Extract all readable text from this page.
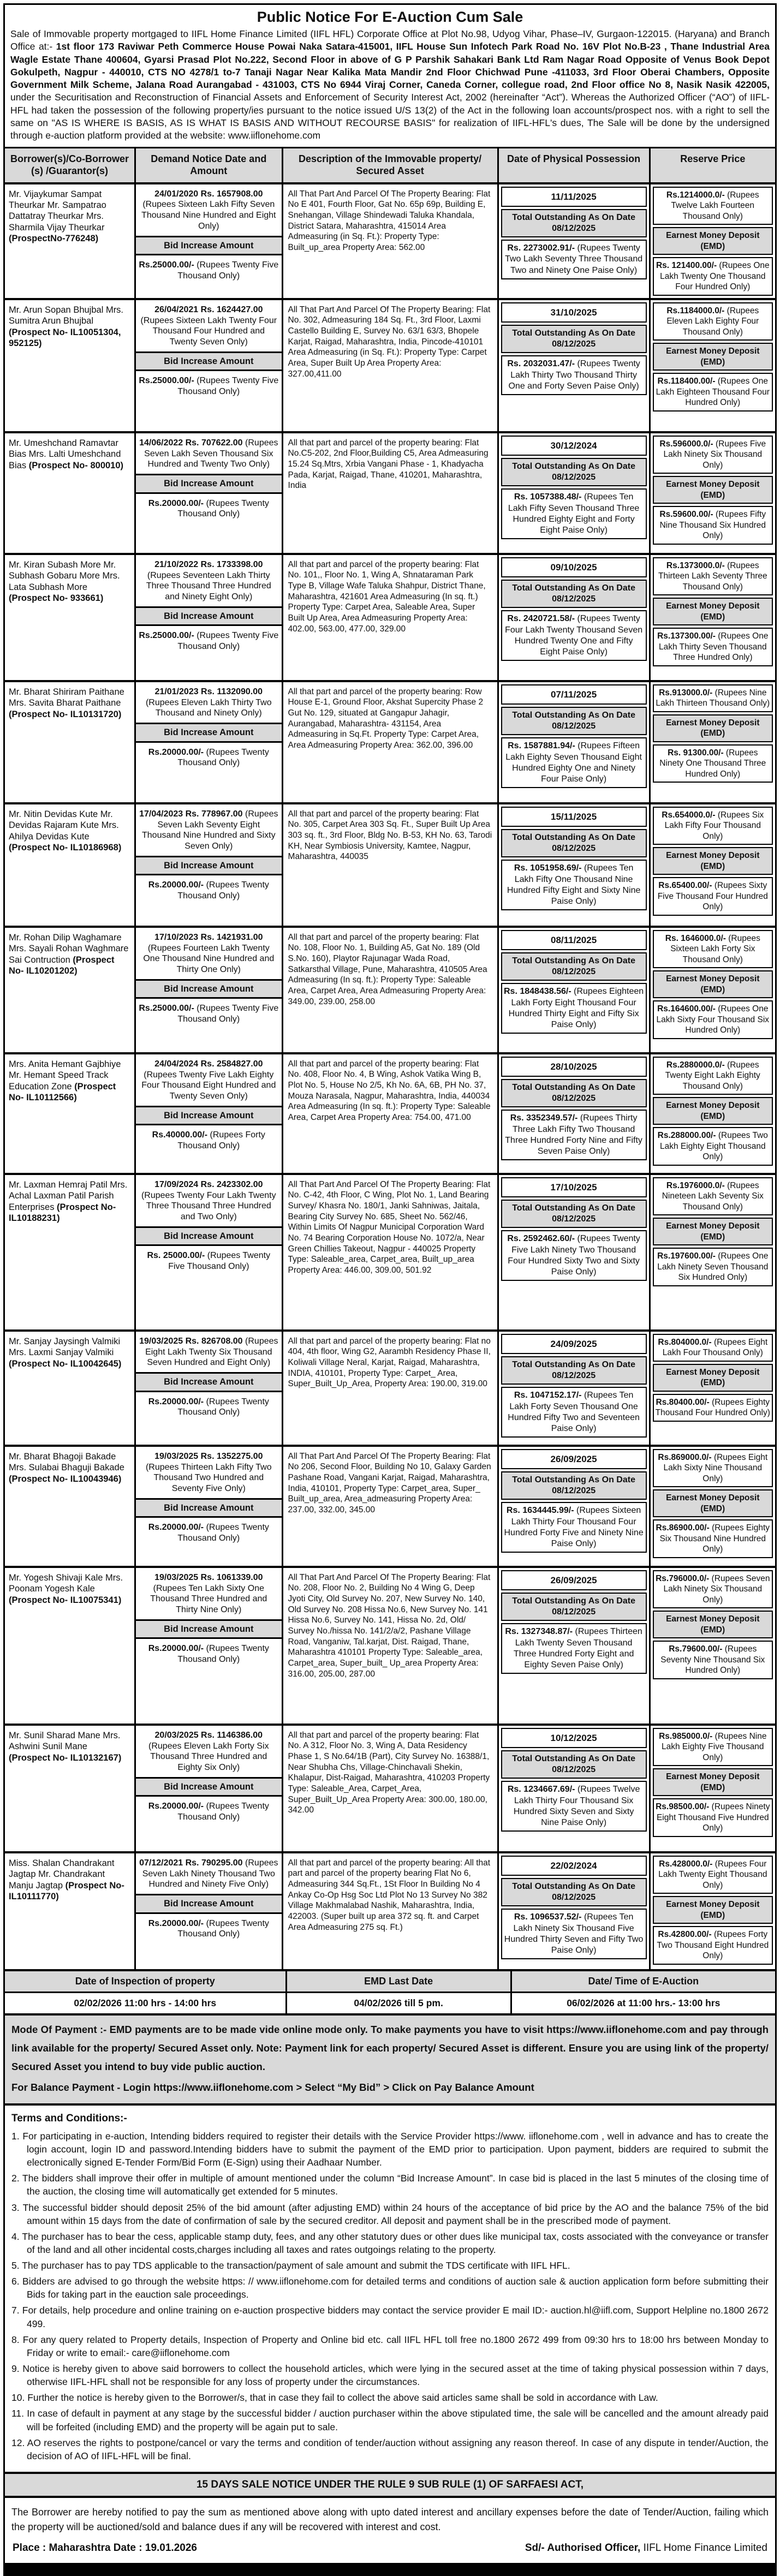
Public Notice For E-Auction Cum Sale

Sale of Immovable property mortgaged to IIFL Home Finance Limited (IIFL HFL) Corporate Office at Plot No.98, Udyog Vihar, Phase–IV, Gurgaon-122015. (Haryana) and Branch Office at:- 1st floor 173 Raviwar Peth Commerce House Powai Naka Satara-415001, IIFL House Sun Infotech Park Road No. 16V Plot No.B-23 , Thane Industrial Area Wagle Estate Thane 400604, Gyarsi Prasad Plot No.222, Second Floor in above of G P Parshik Sahakari Bank Ltd Ram Nagar Road Opposite of Venus Book Depot Gokulpeth, Nagpur - 440010, CTS NO 4278/1 to-7 Tanaji Nagar Near Kalika Mata Mandir 2nd Floor Chichwad Pune -411033, 3rd Floor Oberai Chambers, Opposite Government Milk Scheme, Jalana Road Aurangabad - 431003, CTS No 6944 Viraj Corner, Caneda Corner, collegue road, 2nd Floor office No 8, Nasik Nasik 422005, under the Securitisation and Reconstruction of Financial Assets and Enforcement of Security Interest Act, 2002 (hereinafter “Act”). Whereas the Authorized Officer (“AO”) of IIFL-HFL had taken the possession of the following property/ies pursuant to the notice issued U/S 13(2) of the Act in the following loan accounts/prospect nos. with a right to sell the same on "AS IS WHERE IS BASIS, AS IS WHAT IS BASIS AND WITHOUT RECOURSE BASIS" for realization of IIFL-HFL's dues, The Sale will be done by the undersigned through e-auction platform provided at the website: www.iiflonehome.com

Borrower(s)/Co-Borrower (s) /Guarantor(s)
Demand Notice Date and Amount
Description of the Immovable property/ Secured Asset
Date of Physical Possession	Reserve Price
Mr. Vijaykumar Sampat Theurkar Mr. Sampatrao Dattatray Theurkar Mrs. Sharmila Vijay Theurkar (ProspectNo-776248)
24/01/2020 Rs. 1657908.00 (Rupees Sixteen Lakh Fifty Seven Thousand Nine Hundred and Eight Only)
Bid Increase Amount
Rs.25000.00/- (Rupees Twenty Five Thousand Only)
All That Part And Parcel Of The Property Bearing: Flat No E 401, Fourth Floor, Gat No. 65p 69p, Building E, Snehangan, Village Shindewadi Taluka Khandala, District Satara, Maharashtra, 415014 Area Admeasuring (in Sq. Ft.): Property Type: Built_up_area Property Area: 562.00
11/11/2025
Total Outstanding As On Date 08/12/2025
Rs. 2273002.91/- (Rupees Twenty Two Lakh Seventy Three Thousand Two and Ninety One Paise Only)
Rs.1214000.0/- (Rupees Twelve Lakh Fourteen Thousand Only)
Earnest Money Deposit (EMD)
Rs. 121400.00/- (Rupees One Lakh Twenty One Thousand Four Hundred Only)
Mr. Arun Sopan Bhujbal Mrs. Sumitra Arun Bhujbal (Prospect No- IL10051304, 952125)
26/04/2021 Rs. 1624427.00 (Rupees Sixteen Lakh Twenty Four Thousand Four Hundred and Twenty Seven Only)
Bid Increase Amount
Rs.25000.00/- (Rupees Twenty Five Thousand Only)
All That Part And Parcel Of The Property Bearing: Flat No. 302, Admeasuring 184 Sq. Ft., 3rd Floor, Laxmi Castello Building E, Survey No. 63/1 63/3, Bhopele Karjat, Raigad, Maharashtra, India, Pincode-410101 Area Admeasuring (in Sq. Ft.): Property Type: Carpet Area, Super Built Up Area Property Area: 327.00,411.00
31/10/2025
Total Outstanding As On Date 08/12/2025
Rs. 2032031.47/- (Rupees Twenty Lakh Thirty Two Thousand Thirty One and Forty Seven Paise Only)
Rs.1184000.0/- (Rupees Eleven Lakh Eighty Four Thousand Only)
Earnest Money Deposit (EMD)
Rs.118400.00/- (Rupees One Lakh Eighteen Thousand Four Hundred Only)
Mr. Umeshchand Ramavtar Bias Mrs. Lalti Umeshchand Bias (Prospect No- 800010)
14/06/2022 Rs. 707622.00 (Rupees Seven Lakh Seven Thousand Six Hundred and Twenty Two Only)
Bid Increase Amount
Rs.20000.00/- (Rupees Twenty Thousand Only)
All that part and parcel of the property bearing: Flat No.C5-202, 2nd Floor,Building C5, Area Admeasuring 15.24 Sq.Mtrs, Xrbia Vangani Phase - 1, Khadyacha Pada, Karjat, Raigad, Thane, 410201, Maharashtra, India
30/12/2024
Total Outstanding As On Date 08/12/2025
Rs. 1057388.48/- (Rupees Ten Lakh Fifty Seven Thousand Three Hundred Eighty Eight and Forty Eight Paise Only)
Rs.596000.0/- (Rupees Five Lakh Ninety Six Thousand Only)
Earnest Money Deposit (EMD)
Rs.59600.00/- (Rupees Fifty Nine Thousand Six Hundred Only)
Mr. Kiran Subash More Mr. Subhash Gobaru More Mrs. Lata Subhash More (Prospect No- 933661)
21/10/2022 Rs. 1733398.00 (Rupees Seventeen Lakh Thirty Three Thousand Three Hundred and Ninety Eight Only)
Bid Increase Amount
Rs.25000.00/- (Rupees Twenty Five Thousand Only)
All that part and parcel of the property bearing: Flat No. 101,, Floor No. 1, Wing A, Shnataraman Park Type B, Village Wafe Taluka Shahpur, District Thane, Maharashtra, 421601 Area Admeasuring (In sq. ft.) Property Type: Carpet Area, Saleable Area, Super Built Up Area, Area Admeasuring Property Area: 402.00, 563.00, 477.00, 329.00
09/10/2025
Total Outstanding As On Date 08/12/2025
Rs. 2420721.58/- (Rupees Twenty Four Lakh Twenty Thousand Seven Hundred Twenty One and Fifty Eight Paise Only)
Rs.1373000.0/- (Rupees Thirteen Lakh Seventy Three Thousand Only)
Earnest Money Deposit (EMD)
Rs.137300.00/- (Rupees One Lakh Thirty Seven Thousand Three Hundred Only)
Mr. Bharat Shiriram Paithane Mrs. Savita Bharat Paithane (Prospect No- IL10131720)
21/01/2023 Rs. 1132090.00 (Rupees Eleven Lakh Thirty Two Thousand and Ninety Only)
Bid Increase Amount
Rs.20000.00/- (Rupees Twenty Thousand Only)
All that part and parcel of the property bearing: Row House E-1, Ground Floor, Akshat Supercity Phase 2 Gut No. 129, situated at Gangapur Jahagir, Aurangabad, Maharashtra- 431154, Area Admeasuring in Sq.Ft. Property Type: Carpet Area, Area Admeasuring Property Area: 362.00, 396.00
07/11/2025
Total Outstanding As On Date 08/12/2025
Rs. 1587881.94/- (Rupees Fifteen Lakh Eighty Seven Thousand Eight Hundred Eighty One and Ninety Four Paise Only)
Rs.913000.0/- (Rupees Nine Lakh Thirteen Thousand Only)
Earnest Money Deposit (EMD)
Rs. 91300.00/- (Rupees Ninety One Thousand Three Hundred Only)
Mr. Nitin Devidas Kute Mr. Devidas Rajaram Kute Mrs. Ahilya Devidas Kute (Prospect No- IL10186968)
17/04/2023 Rs. 778967.00 (Rupees Seven Lakh Seventy Eight Thousand Nine Hundred and Sixty Seven Only)
Bid Increase Amount
Rs.20000.00/- (Rupees Twenty Thousand Only)
All that part and parcel of the property bearing: Flat No. 305, Carpet Area 303 Sq. Ft., Super Built Up Area 303 sq. ft., 3rd Floor, Bldg No. B-53, KH No. 63, Tarodi KH, Near Symbiosis University, Kamtee, Nagpur, Maharashtra, 440035
15/11/2025
Total Outstanding As On Date 08/12/2025
Rs. 1051958.69/- (Rupees Ten Lakh Fifty One Thousand Nine Hundred Fifty Eight and Sixty Nine Paise Only)
Rs.654000.0/- (Rupees Six Lakh Fifty Four Thousand Only)
Earnest Money Deposit (EMD)
Rs.65400.00/- (Rupees Sixty Five Thousand Four Hundred Only)
Mr. Rohan Dilip Waghamare Mrs. Sayali Rohan Waghmare Sai Contruction (Prospect No- IL10201202)
17/10/2023 Rs. 1421931.00 (Rupees Fourteen Lakh Twenty One Thousand Nine Hundred and Thirty One Only)
Bid Increase Amount
Rs.25000.00/- (Rupees Twenty Five Thousand Only)
All that part and parcel of the property bearing: Flat No. 108, Floor No. 1, Building A5, Gat No. 189 (Old S.No. 160), Playtor Rajunagar Wada Road, Satkarsthal Village, Pune, Maharashtra, 410505 Area Admeasuring (In sq. ft.): Property Type: Saleable Area, Carpet Area, Area Admeasuring Property Area: 349.00, 239.00, 258.00
08/11/2025
Total Outstanding As On Date 08/12/2025
Rs. 1848438.56/- (Rupees Eighteen Lakh Forty Eight Thousand Four Hundred Thirty Eight and Fifty Six Paise Only)
Rs. 1646000.0/- (Rupees Sixteen Lakh Forty Six Thousand Only)
Earnest Money Deposit (EMD)
Rs.164600.00/- (Rupees One Lakh Sixty Four Thousand Six Hundred Only)
Mrs. Anita Hemant Gajbhiye Mr. Hemant Speed Track Education Zone (Prospect No- IL10112566)
24/04/2024 Rs. 2584827.00 (Rupees Twenty Five Lakh Eighty Four Thousand Eight Hundred and Twenty Seven Only)
Bid Increase Amount
Rs.40000.00/- (Rupees Forty Thousand Only)
All that part and parcel of the property bearing: Flat No. 408, Floor No. 4, B Wing, Ashok Vatika Wing B, Plot No. 5, House No 2/5, Kh No. 6A, 6B, PH No. 37, Mouza Narasala, Nagpur, Maharashtra, India, 440034 Area Admeasuring (In sq. ft.): Property Type: Saleable Area, Carpet Area Property Area: 754.00, 471.00
28/10/2025
Total Outstanding As On Date 08/12/2025
Rs. 3352349.57/- (Rupees Thirty Three Lakh Fifty Two Thousand Three Hundred Forty Nine and Fifty Seven Paise Only)
Rs.2880000.0/- (Rupees Twenty Eight Lakh Eighty Thousand Only)
Earnest Money Deposit (EMD)
Rs.288000.00/- (Rupees Two Lakh Eighty Eight Thousand Only)
Mr. Laxman Hemraj Patil Mrs. Achal Laxman Patil Parish Enterprises (Prospect No- IL10188231)
17/09/2024 Rs. 2423302.00 (Rupees Twenty Four Lakh Twenty Three Thousand Three Hundred and Two Only)
Bid Increase Amount
Rs. 25000.00/- (Rupees Twenty Five Thousand Only)
All That Part And Parcel Of The Property Bearing: Flat No. C-42, 4th Floor, C Wing, Plot No. 1, Land Bearing Survey/ Khasra No. 180/1, Janki Sahniwas, Jaitala, Bearing City Survey No. 685, Sheet No. 562/46, Within Limits Of Nagpur Municipal Corporation Ward No. 74 Bearing Corporation House No. 1072/a, Near Green Chillies Takeout, Nagpur - 440025 Property Type: Saleable_area, Carpet_area, Built_up_area Property Area: 446.00, 309.00, 501.92
17/10/2025
Total Outstanding As On Date 08/12/2025
Rs. 2592462.60/- (Rupees Twenty Five Lakh Ninety Two Thousand Four Hundred Sixty Two and Sixty Paise Only)
Rs.1976000.0/- (Rupees Nineteen Lakh Seventy Six Thousand Only)
Earnest Money Deposit (EMD)
Rs.197600.00/- (Rupees One Lakh Ninety Seven Thousand Six Hundred Only)
Mr. Sanjay Jaysingh Valmiki Mrs. Laxmi Sanjay Valmiki (Prospect No- IL10042645)
19/03/2025 Rs. 826708.00 (Rupees Eight Lakh Twenty Six Thousand Seven Hundred and Eight Only)
Bid Increase Amount
Rs.20000.00/- (Rupees Twenty Thousand Only)
All that part and parcel of the property bearing: Flat no 404, 4th floor, Wing G2, Aarambh Residency Phase II, Koliwali Village Neral, Karjat, Raigad, Maharashtra, INDIA, 410101, Property Type: Carpet_ Area, Super_Built_Up_Area, Property Area: 190.00, 319.00
24/09/2025
Total Outstanding As On Date 08/12/2025
Rs. 1047152.17/- (Rupees Ten Lakh Forty Seven Thousand One Hundred Fifty Two and Seventeen Paise Only)
Rs.804000.0/- (Rupees Eight Lakh Four Thousand Only)
Earnest Money Deposit (EMD)
Rs.80400.00/- (Rupees Eighty Thousand Four Hundred Only)
Mr. Bharat Bhagoji Bakade Mrs. Sulabai Bhaguji Bakade (Prospect No- IL10043946)
19/03/2025 Rs. 1352275.00 (Rupees Thirteen Lakh Fifty Two Thousand Two Hundred and Seventy Five Only)
Bid Increase Amount
Rs.20000.00/- (Rupees Twenty Thousand Only)
All That Part And Parcel Of The Property Bearing: Flat No 206, Second Floor, Building No 10, Galaxy Garden Pashane Road, Vangani Karjat, Raigad, Maharashtra, India, 410101, Property Type: Carpet_area, Super_ Built_up_area, Area_admeasuring Property Area: 237.00, 332.00, 345.00
26/09/2025
Total Outstanding As On Date 08/12/2025
Rs. 1634445.99/- (Rupees Sixteen Lakh Thirty Four Thousand Four Hundred Forty Five and Ninety Nine Paise Only)
Rs.869000.0/- (Rupees Eight Lakh Sixty Nine Thousand Only)
Earnest Money Deposit (EMD)
Rs.86900.00/- (Rupees Eighty Six Thousand Nine Hundred Only)
Mr. Yogesh Shivaji Kale Mrs. Poonam Yogesh Kale (Prospect No- IL10075341)
19/03/2025 Rs. 1061339.00 (Rupees Ten Lakh Sixty One Thousand Three Hundred and Thirty Nine Only)
Bid Increase Amount
Rs.20000.00/- (Rupees Twenty Thousand Only)
All That Part And Parcel Of The Property Bearing: Flat No. 208, Floor No. 2, Building No 4 Wing G, Deep Jyoti City, Old Survey No. 207, New Survey No. 140, Old Survey No. 208 Hissa No.6, New Survey No. 141 Hissa No.6, Survey No. 141, Hissa No. 2d, Old/ Survey No./hissa No. 141/2/a/2, Pashane Village Road, Vanganiw, Tal.karjat, Dist. Raigad, Thane, Maharashtra 410101 Property Type: Saleable_area, Carpet_area, Super_built_ Up_area Property Area: 316.00, 205.00, 287.00
26/09/2025
Total Outstanding As On Date 08/12/2025
Rs. 1327348.87/- (Rupees Thirteen Lakh Twenty Seven Thousand Three Hundred Forty Eight and Eighty Seven Paise Only)
Rs.796000.0/- (Rupees Seven Lakh Ninety Six Thousand Only)
Earnest Money Deposit (EMD)
Rs.79600.00/- (Rupees Seventy Nine Thousand Six Hundred Only)
Mr. Sunil Sharad Mane Mrs. Ashwini Sunil Mane (Prospect No- IL10132167)
20/03/2025 Rs. 1146386.00 (Rupees Eleven Lakh Forty Six Thousand Three Hundred and Eighty Six Only)
Bid Increase Amount
Rs.20000.00/- (Rupees Twenty Thousand Only)
All that part and parcel of the property bearing: Flat No. A 312, Floor No. 3, Wing A, Data Residency Phase 1, S No.64/1B (Part), City Survey No. 16388/1, Near Shubha Chs, Village-Chinchavali Shekin, Khalapur, Dist-Raigad, Maharashtra, 410203 Property Type: Saleable_Area, Carpet_Area, Super_Built_Up_Area Property Area: 300.00, 180.00, 342.00
10/12/2025
Total Outstanding As On Date 08/12/2025
Rs. 1234667.69/- (Rupees Twelve Lakh Thirty Four Thousand Six Hundred Sixty Seven and Sixty Nine Paise Only)
Rs.985000.0/- (Rupees Nine Lakh Eighty Five Thousand Only)
Earnest Money Deposit (EMD)
Rs.98500.00/- (Rupees Ninety Eight Thousand Five Hundred Only)
Miss. Shalan Chandrakant Jagtap Mr. Chandrakant Manju Jagtap (Prospect No- IL10111770)
07/12/2021 Rs. 790295.00 (Rupees Seven Lakh Ninety Thousand Two Hundred and Ninety Five Only)
Bid Increase Amount
Rs.20000.00/- (Rupees Twenty Thousand Only)
All that part and parcel of the property bearing: All that part and parcel of the property bearing Flat No 6, Admeasuring 344 Sq.Ft., 1St Floor In Building No 4 Ankay Co-Op Hsg Soc Ltd Plot No 13 Survey No 382 Village Makhmalabad Nashik, Maharashtra, India, 422003. (Super built up area 372 sq. ft. and Carpet Area Admeasuring 275 sq. Ft.)
22/02/2024
Total Outstanding As On Date 08/12/2025
Rs. 1096537.52/- (Rupees Ten Lakh Ninety Six Thousand Five Hundred Thirty Seven and Fifty Two Paise Only)
Rs.428000.0/- (Rupees Four Lakh Twenty Eight Thousand Only)
Earnest Money Deposit (EMD)
Rs.42800.00/- (Rupees Forty Two Thousand Eight Hundred Only)
Date of Inspection of property	EMD Last Date	Date/ Time of E-Auction
02/02/2026 11:00 hrs - 14:00 hrs	04/02/2026 till 5 pm.	06/02/2026 at 11:00 hrs.- 13:00 hrs

Mode Of Payment :- EMD payments are to be made vide online mode only. To make payments you have to visit https://www.iiflonehome.com and pay through link available for the property/ Secured Asset only. Note: Payment link for each property/ Secured Asset is different. Ensure you are using link of the property/ Secured Asset you intend to buy vide public auction.

For Balance Payment - Login https://www.iiflonehome.com > Select “My Bid” > Click on Pay Balance Amount

Terms and Conditions:-
1. For participating in e-auction, Intending bidders required to register their details with the Service Provider https://www. iiflonehome.com , well in advance and has to create the login account, login ID and password.Intending bidders have to submit the payment of the EMD prior to participation. Upon payment, bidders are required to submit the electronically signed E-Tender Form/Bid Form (E-Sign) using their Aadhaar Number.
2. The bidders shall improve their offer in multiple of amount mentioned under the column “Bid Increase Amount”. In case bid is placed in the last 5 minutes of the closing time of the auction, the closing time will automatically get extended for 5 minutes.
3. The successful bidder should deposit 25% of the bid amount (after adjusting EMD) within 24 hours of the acceptance of bid price by the AO and the balance 75% of the bid amount within 15 days from the date of confirmation of sale by the secured creditor. All deposit and payment shall be in the prescribed mode of payment.
4. The purchaser has to bear the cess, applicable stamp duty, fees, and any other statutory dues or other dues like municipal tax, costs associated with the conveyance or transfer of the land and all other incidental costs,charges including all taxes and rates outgoings relating to the property.
5. The purchaser has to pay TDS applicable to the transaction/payment of sale amount and submit the TDS certificate with IIFL HFL.
6. Bidders are advised to go through the website https: // www.iiflonehome.com for detailed terms and conditions of auction sale & auction application form before submitting their Bids for taking part in the eauction sale proceedings.
7. For details, help procedure and online training on e-auction prospective bidders may contact the service provider E mail ID:- auction.hl@iifl.com, Support Helpline no.1800 2672 499.
8. For any query related to Property details, Inspection of Property and Online bid etc. call IIFL HFL toll free no.1800 2672 499 from 09:30 hrs to 18:00 hrs between Monday to Friday or write to email:- care@iiflonehome.com
9. Notice is hereby given to above said borrowers to collect the household articles, which were lying in the secured asset at the time of taking physical possession within 7 days, otherwise IIFL-HFL shall not be responsible for any loss of property under the circumstances.
10. Further the notice is hereby given to the Borrower/s, that in case they fail to collect the above said articles same shall be sold in accordance with Law.
11. In case of default in payment at any stage by the successful bidder / auction purchaser within the above stipulated time, the sale will be cancelled and the amount already paid will be forfeited (including EMD) and the property will be again put to sale.
12. AO reserves the rights to postpone/cancel or vary the terms and condition of tender/auction without assigning any reason thereof. In case of any dispute in tender/Auction, the decision of AO of IIFL-HFL will be final.
15 DAYS SALE NOTICE UNDER THE RULE 9 SUB RULE (1) OF SARFAESI ACT,
The Borrower are hereby notified to pay the sum as mentioned above along with upto dated interest and ancillary expenses before the date of Tender/Auction, failing which the property will be auctioned/sold and balance dues if any will be recovered with interest and cost.
Place : Maharashtra Date : 19.01.2026	Sd/- Authorised Officer, IIFL Home Finance Limited
